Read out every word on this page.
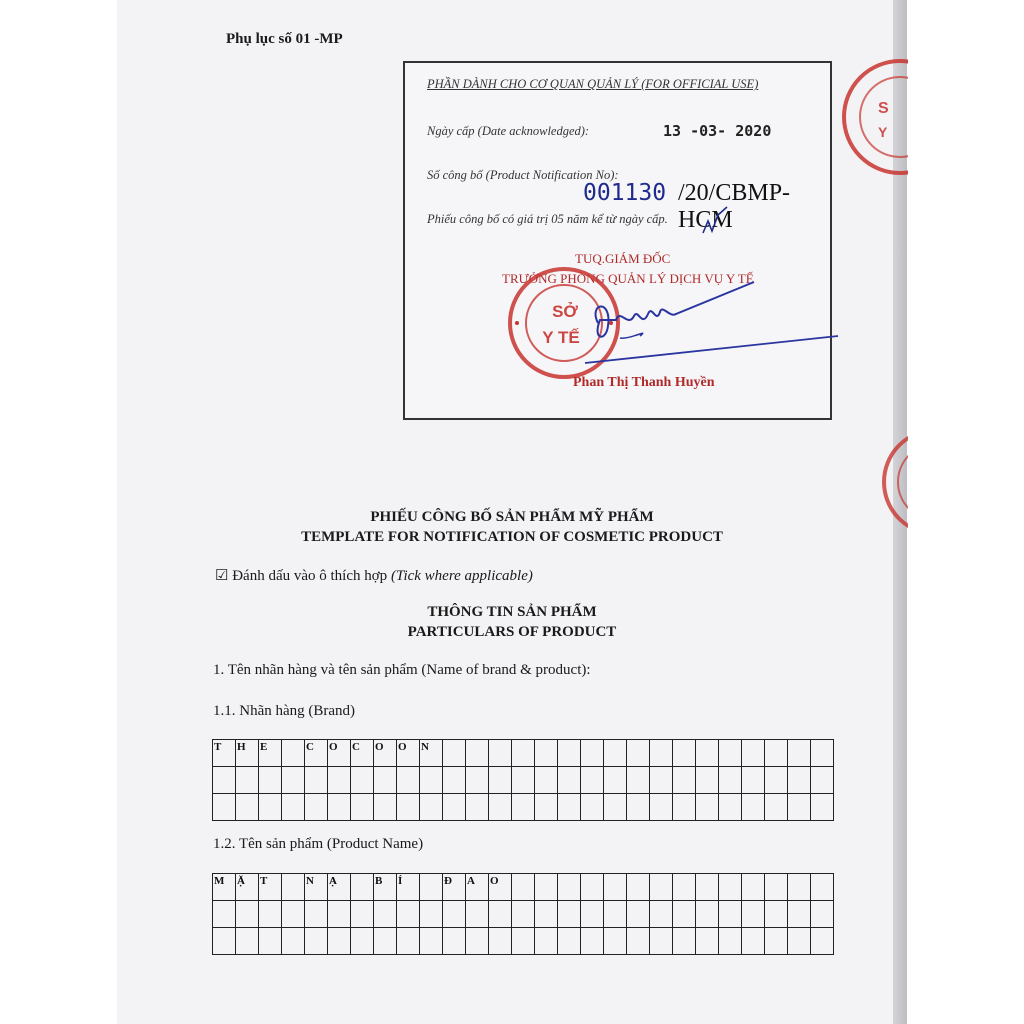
S
Y
Phụ lục số 01 -MP
PHẦN DÀNH CHO CƠ QUAN QUẢN LÝ (FOR OFFICIAL USE)
Ngày cấp (Date acknowledged):	13 -03- 2020
Số công bố (Product Notification No):
001130 /20/CBMP-HCM
Phiếu công bố có giá trị 05 năm kể từ ngày cấp.
TUQ.GIÁM ĐỐC
TRƯỞNG PHÒNG QUẢN LÝ DỊCH VỤ Y TẾ
SỞ
Y TẾ
Phan Thị Thanh Huyền
PHIẾU CÔNG BỐ SẢN PHẨM MỸ PHẨM
TEMPLATE FOR NOTIFICATION OF COSMETIC PRODUCT
☑ Đánh dấu vào ô thích hợp (Tick where applicable)
THÔNG TIN SẢN PHẨM
PARTICULARS OF PRODUCT
1. Tên nhãn hàng và tên sản phẩm (Name of brand & product):
1.1. Nhãn hàng (Brand)
T	H	E		C	O	C	O	O	N																	

1.2. Tên sản phẩm (Product Name)
M	Ặ	T		N	Ạ		B	Í		Đ	A	O														
